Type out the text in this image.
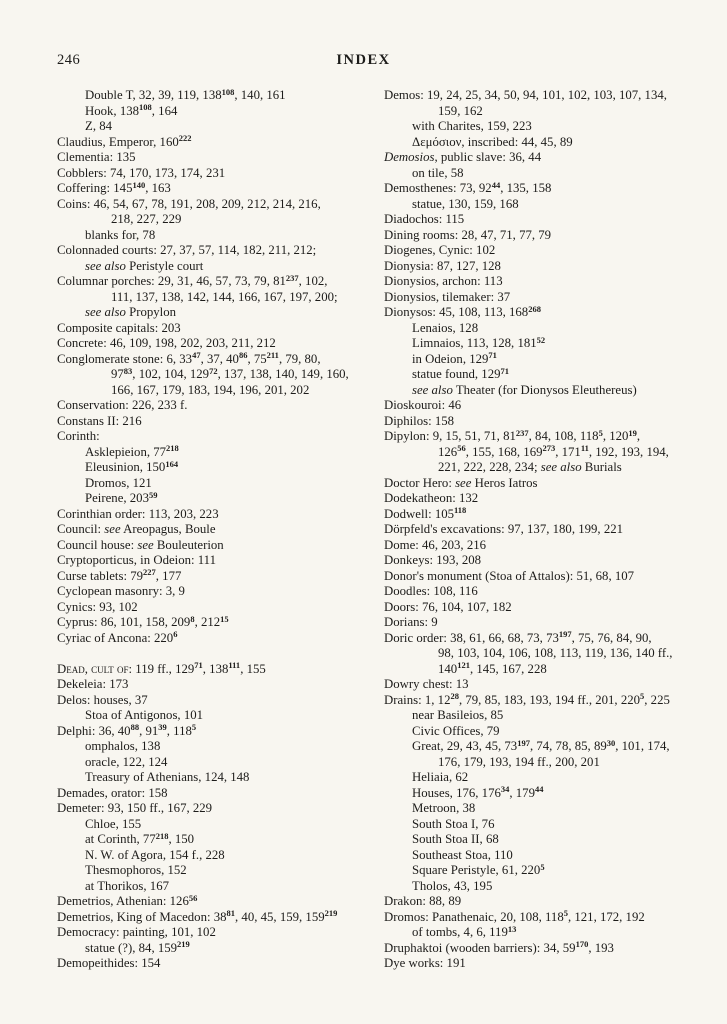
246	INDEX
Double T, 32, 39, 119, $138^{108}$, 140, 161
Hook, $138^{108}$, 164
Z, 84
Claudius, Emperor, $160^{222}$
Clementia: 135
Cobblers: 74, 170, 173, 174, 231
Coffering: $145^{140}$, 163
Coins: 46, 54, 67, 78, 191, 208, 209, 212, 214, 216,
218, 227, 229
blanks for, 78
Colonnaded courts: 27, 37, 57, 114, 182, 211, 212;
see also Peristyle court
Columnar porches: 29, 31, 46, 57, 73, 79, $81^{237}$, 102,
111, 137, 138, 142, 144, 166, 167, 197, 200;
see also Propylon
Composite capitals: 203
Concrete: 46, 109, 198, 202, 203, 211, 212
Conglomerate stone: 6, $33^{47}$, 37, $40^{86}$, $75^{211}$, 79, 80,
$97^{83}$, 102, 104, $129^{72}$, 137, 138, 140, 149, 160,
166, 167, 179, 183, 194, 196, 201, 202
Conservation: 226, 233 f.
Constans II: 216
Corinth:
Asklepieion, $77^{218}$
Eleusinion, $150^{164}$
Dromos, 121
Peirene, $203^{59}$
Corinthian order: 113, 203, 223
Council: see Areopagus, Boule
Council house: see Bouleuterion
Cryptoporticus, in Odeion: 111
Curse tablets: $79^{227}$, 177
Cyclopean masonry: 3, 9
Cynics: 93, 102
Cyprus: 86, 101, 158, $209^8$, $212^{15}$
Cyriac of Ancona: $220^6$
Dead, cult of: 119 ff., $129^{71}$, $138^{111}$, 155
Dekeleia: 173
Delos: houses, 37
Stoa of Antigonos, 101
Delphi: 36, $40^{88}$, $91^{39}$, $118^5$
omphalos, 138
oracle, 122, 124
Treasury of Athenians, 124, 148
Demades, orator: 158
Demeter: 93, 150 ff., 167, 229
Chloe, 155
at Corinth, $77^{218}$, 150
N. W. of Agora, 154 f., 228
Thesmophoros, 152
at Thorikos, 167
Demetrios, Athenian: $126^{56}$
Demetrios, King of Macedon: $38^{81}$, 40, 45, 159, $159^{219}$
Democracy: painting, 101, 102
statue (?), 84, $159^{219}$
Demopeithides: 154
Demos: 19, 24, 25, 34, 50, 94, 101, 102, 103, 107, 134,
159, 162
with Charites, 159, 223
Δεμόσιον, inscribed: 44, 45, 89
Demosios, public slave: 36, 44
on tile, 58
Demosthenes: 73, $92^{44}$, 135, 158
statue, 130, 159, 168
Diadochos: 115
Dining rooms: 28, 47, 71, 77, 79
Diogenes, Cynic: 102
Dionysia: 87, 127, 128
Dionysios, archon: 113
Dionysios, tilemaker: 37
Dionysos: 45, 108, 113, $168^{268}$
Lenaios, 128
Limnaios, 113, 128, $181^{52}$
in Odeion, $129^{71}$
statue found, $129^{71}$
see also Theater (for Dionysos Eleuthereus)
Dioskouroi: 46
Diphilos: 158
Dipylon: 9, 15, 51, 71, $81^{237}$, 84, 108, $118^5$, $120^{19}$,
$126^{56}$, 155, 168, $169^{273}$, $171^{11}$, 192, 193, 194,
221, 222, 228, 234; see also Burials
Doctor Hero: see Heros Iatros
Dodekatheon: 132
Dodwell: $105^{118}$
Dörpfeld's excavations: 97, 137, 180, 199, 221
Dome: 46, 203, 216
Donkeys: 193, 208
Donor's monument (Stoa of Attalos): 51, 68, 107
Doodles: 108, 116
Doors: 76, 104, 107, 182
Dorians: 9
Doric order: 38, 61, 66, 68, 73, $73^{197}$, 75, 76, 84, 90,
98, 103, 104, 106, 108, 113, 119, 136, 140 ff.,
$140^{121}$, 145, 167, 228
Dowry chest: 13
Drains: 1, $12^{28}$, 79, 85, 183, 193, 194 ff., 201, $220^5$, 225
near Basileios, 85
Civic Offices, 79
Great, 29, 43, 45, $73^{197}$, 74, 78, 85, $89^{30}$, 101, 174,
176, 179, 193, 194 ff., 200, 201
Heliaia, 62
Houses, 176, $176^{34}$, $179^{44}$
Metroon, 38
South Stoa I, 76
South Stoa II, 68
Southeast Stoa, 110
Square Peristyle, 61, $220^5$
Tholos, 43, 195
Drakon: 88, 89
Dromos: Panathenaic, 20, 108, $118^5$, 121, 172, 192
of tombs, 4, 6, $119^{13}$
Druphaktoi (wooden barriers): 34, $59^{170}$, 193
Dye works: 191
